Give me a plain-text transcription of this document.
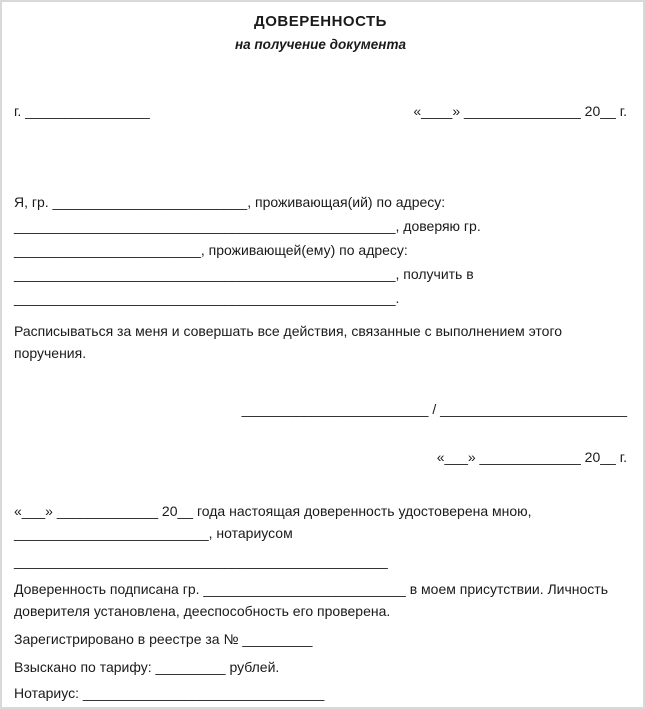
ДОВЕРЕННОСТЬ
на получение документа
г. ________________	«____» _______________ 20__ г.
Я, гр. _________________________, проживающая(ий) по адресу:
_________________________________________________, доверяю гр.
________________________, проживающей(ему) по адресу:
_________________________________________________, получить в
_________________________________________________.
Расписываться за меня и совершать все действия, связанные с выполнением этого поручения.
________________________ / ________________________
«___» _____________ 20__ г.
«___» _____________ 20__ года настоящая доверенность удостоверена мною,
_________________________, нотариусом
________________________________________________
Доверенность подписана гр. __________________________ в моем присутствии. Личность доверителя установлена, дееспособность его проверена.
Зарегистрировано в реестре за № _________
Взыскано по тарифу: _________ рублей.
Нотариус: _______________________________
